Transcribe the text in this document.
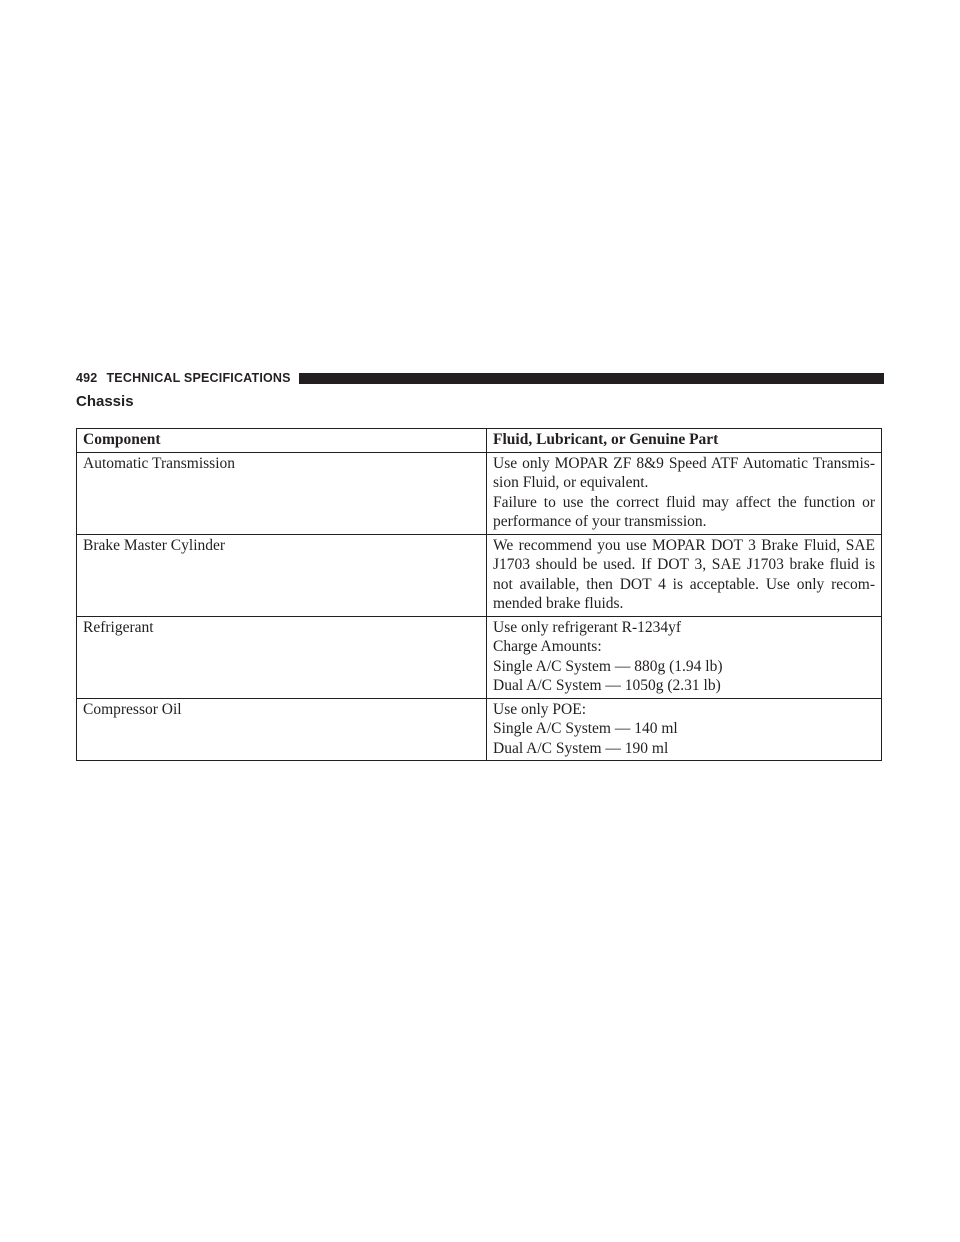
492 TECHNICAL SPECIFICATIONS
Chassis
Component	Fluid, Lubricant, or Genuine Part
Automatic Transmission	Use only MOPAR ZF 8&9 Speed ATF Automatic Transmis-sion Fluid, or equivalent.
Failure to use the correct fluid may affect the function or performance of your transmission.

Brake Master Cylinder	We recommend you use MOPAR DOT 3 Brake Fluid, SAE J1703 should be used. If DOT 3, SAE J1703 brake fluid is not available, then DOT 4 is acceptable. Use only recom-mended brake fluids.

Refrigerant	Use only refrigerant R-1234yf
Charge Amounts:
Single A/C System — 880g (1.94 lb)
Dual A/C System — 1050g (2.31 lb)

Compressor Oil	Use only POE:
Single A/C System — 140 ml
Dual A/C System — 190 ml
